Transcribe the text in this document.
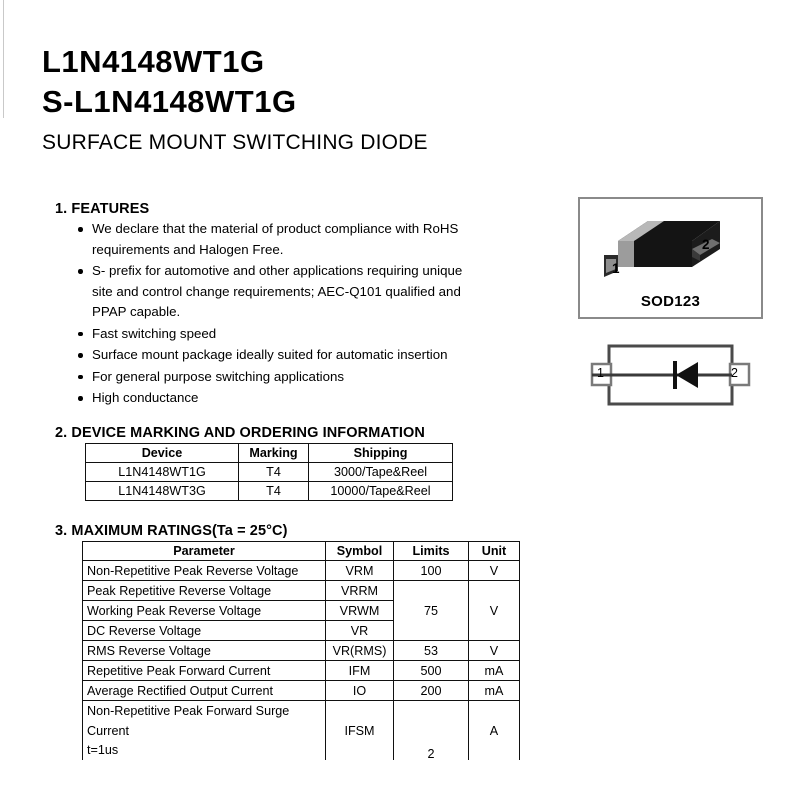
L1N4148WT1G
S-L1N4148WT1G
SURFACE MOUNT SWITCHING DIODE
1. FEATURES
We declare that the material of product compliance with RoHS requirements and Halogen Free.
S- prefix for automotive and other applications requiring unique site and control change requirements; AEC-Q101 qualified and PPAP capable.
Fast switching speed
Surface mount package ideally suited for automatic insertion
For general purpose switching applications
High conductance
2. DEVICE MARKING AND ORDERING INFORMATION
Device	Marking	Shipping
L1N4148WT1G	T4	3000/Tape&Reel
L1N4148WT3G	T4	10000/Tape&Reel
3. MAXIMUM RATINGS(Ta = 25°C)
Parameter	Symbol	Limits	Unit
Non-Repetitive Peak Reverse Voltage	VRM	100	V
Peak Repetitive Reverse Voltage	VRRM	75	V
Working Peak Reverse Voltage	VRWM		
DC Reverse Voltage	VR		
RMS Reverse Voltage	VR(RMS)	53	V
Repetitive Peak Forward Current	IFM	500	mA
Average Rectified Output Current	IO	200	mA
Non-Repetitive Peak Forward Surge Current
t=1us	IFSM	2	A
1
2
SOD123
1	2
